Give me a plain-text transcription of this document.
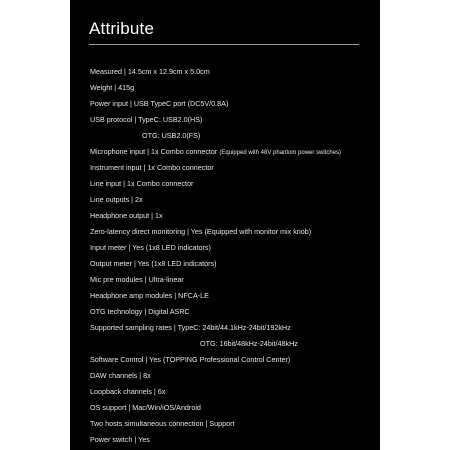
Attribute
Measured | 14.5cm x 12.9cm x 5.0cm
Weight | 415g
Power input | USB TypeC port (DC5V/0.8A)
USB protocol | TypeC: USB2.0(HS)
OTG: USB2.0(FS)
Microphone input | 1x Combo connector (Equipped with 48V phantom power switches)
Instrument input | 1x Combo connector
Line input | 1x Combo connector
Line outputs | 2x
Headphone output | 1x
Zero-latency direct monitoring | Yes (Equipped with monitor mix knob)
Input meter | Yes (1x8 LED indicators)
Output meter | Yes (1x8 LED indicators)
Mic pre modules | Ultra-linear
Headphone amp modules | NFCA-LE
OTG technology | Digital ASRC
Supported sampling rates | TypeC: 24bit/44.1kHz-24bit/192kHz
OTG: 16bit/48kHz-24bit/48kHz
Software Control | Yes (TOPPING Professional Control Center)
DAW channels | 8x
Loopback channels | 6x
OS support | Mac/Win/iOS/Android
Two hosts simultaneous connection | Support
Power switch | Yes
